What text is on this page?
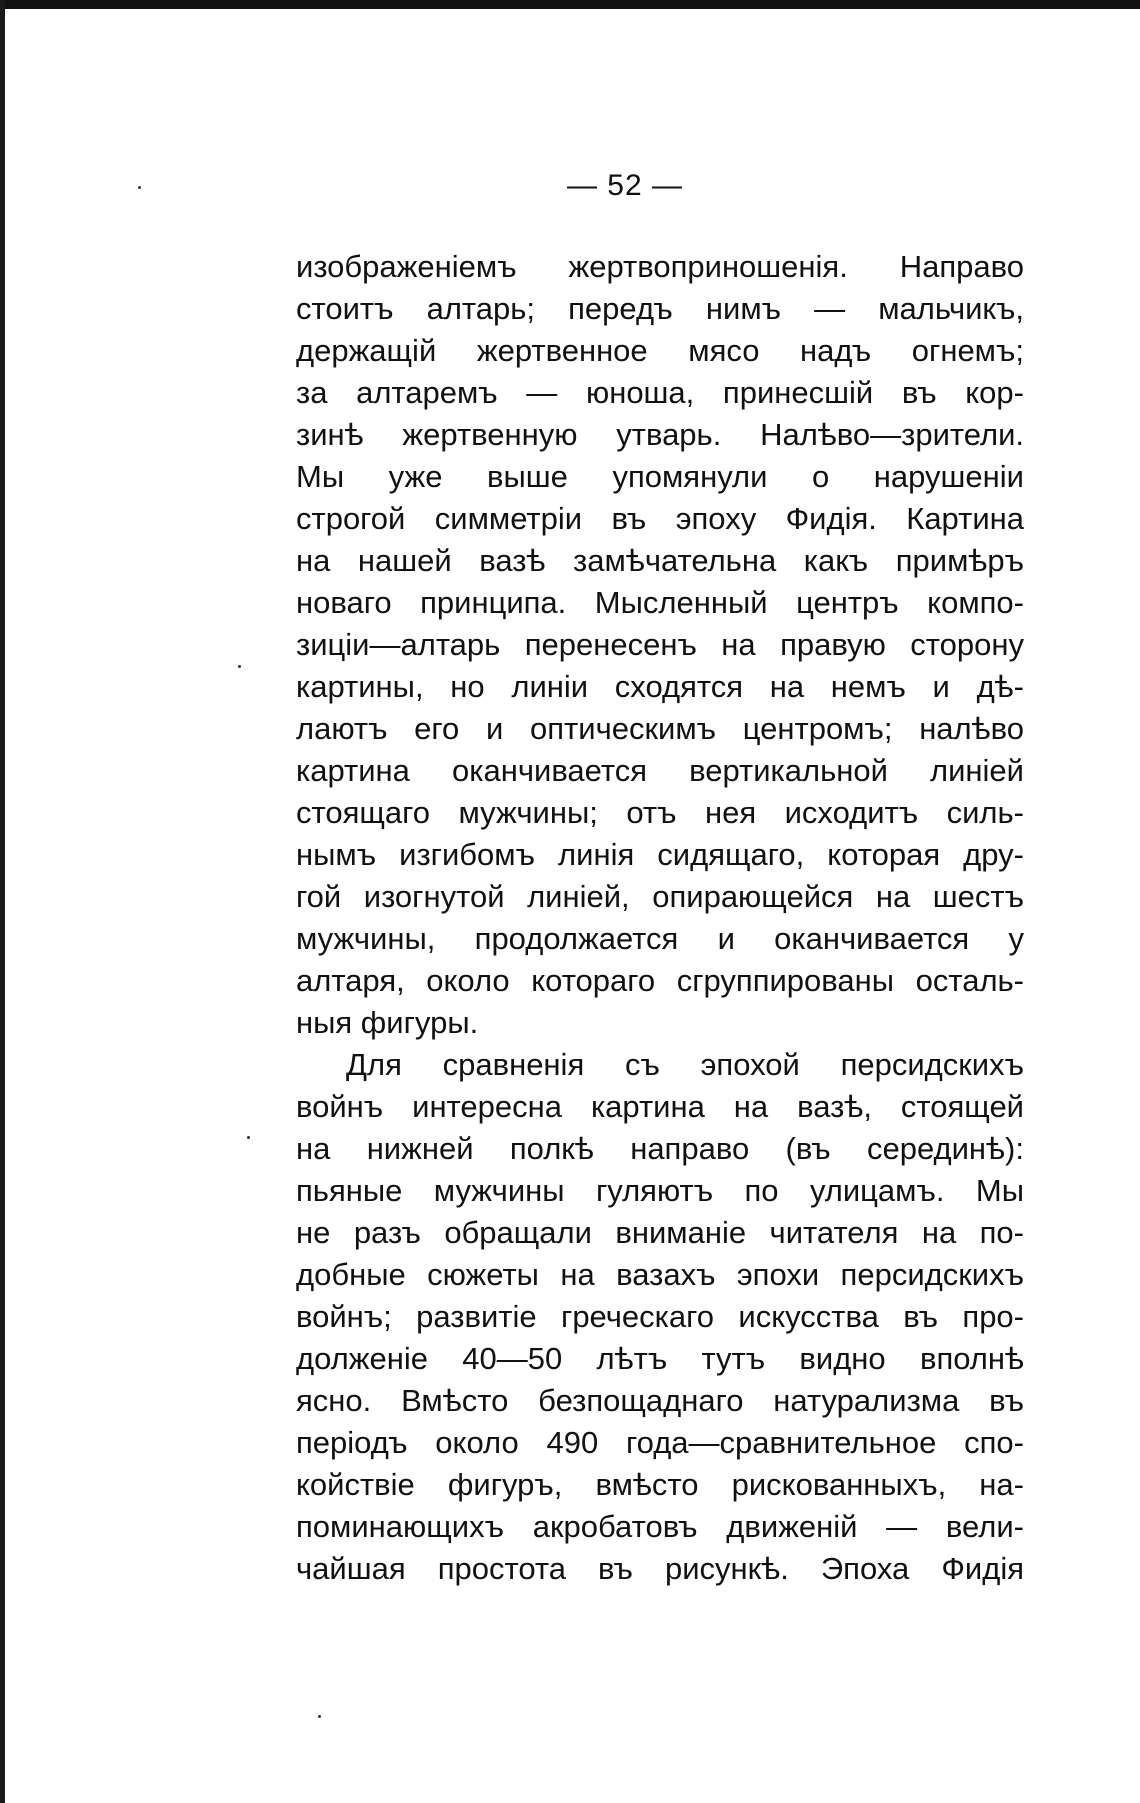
— 52 —
изображеніемъ жертвоприношенія. Направо
стоитъ алтарь; передъ нимъ — мальчикъ,
держащій жертвенное мясо надъ огнемъ;
за алтаремъ — юноша, принесшій въ кор-
зинѣ жертвенную утварь. Налѣво—зрители.
Мы уже выше упомянули о нарушеніи
строгой симметріи въ эпоху Фидія. Картина
на нашей вазѣ замѣчательна какъ примѣръ
новаго принципа. Мысленный центръ компо-
зиціи—алтарь перенесенъ на правую сторону
картины, но линіи сходятся на немъ и дѣ-
лаютъ его и оптическимъ центромъ; налѣво
картина оканчивается вертикальной линіей
стоящаго мужчины; отъ нея исходитъ силь-
нымъ изгибомъ линія сидящаго, которая дру-
гой изогнутой линіей, опирающейся на шестъ
мужчины, продолжается и оканчивается у
алтаря, около котораго сгруппированы осталь-
ныя фигуры.
Для сравненія съ эпохой персидскихъ
войнъ интересна картина на вазѣ, стоящей
на нижней полкѣ направо (въ серединѣ):
пьяные мужчины гуляютъ по улицамъ. Мы
не разъ обращали вниманіе читателя на по-
добные сюжеты на вазахъ эпохи персидскихъ
войнъ; развитіе греческаго искусства въ про-
долженіе 40—50 лѣтъ тутъ видно вполнѣ
ясно. Вмѣсто безпощаднаго натурализма въ
періодъ около 490 года—сравнительное спо-
койствіе фигуръ, вмѣсто рискованныхъ, на-
поминающихъ акробатовъ движеній — вели-
чайшая простота въ рисункѣ. Эпоха Фидія
